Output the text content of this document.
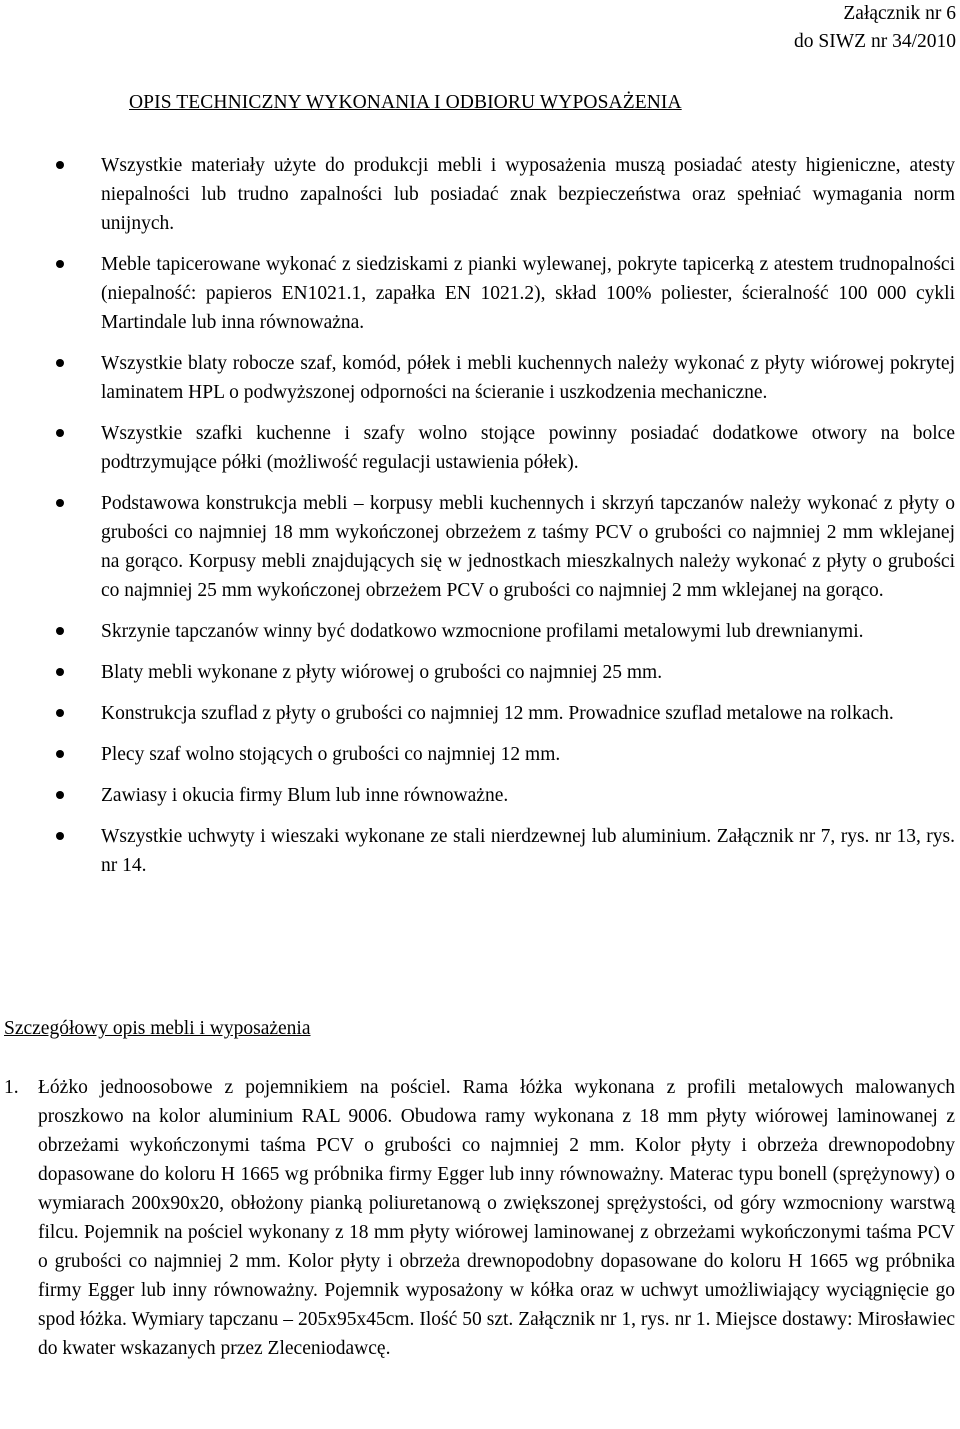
Załącznik nr 6
do SIWZ nr 34/2010
OPIS TECHNICZNY WYKONANIA I ODBIORU WYPOSAŻENIA
Wszystkie materiały użyte do produkcji mebli i wyposażenia muszą posiadać atesty higieniczne, atesty niepalności lub trudno zapalności lub posiadać znak bezpieczeństwa oraz spełniać wymagania norm unijnych.
Meble tapicerowane wykonać z siedziskami z pianki wylewanej, pokryte tapicerką z atestem trudnopalności (niepalność: papieros EN1021.1, zapałka EN 1021.2), skład 100% poliester, ścieralność 100 000 cykli Martindale lub inna równoważna.
Wszystkie blaty robocze szaf, komód, półek i mebli kuchennych należy wykonać z płyty wiórowej pokrytej laminatem HPL o podwyższonej odporności na ścieranie i uszkodzenia mechaniczne.
Wszystkie szafki kuchenne i szafy wolno stojące powinny posiadać dodatkowe otwory na bolce podtrzymujące półki (możliwość regulacji ustawienia półek).
Podstawowa konstrukcja mebli – korpusy mebli kuchennych i skrzyń tapczanów należy wykonać z płyty o grubości co najmniej 18 mm wykończonej obrzeżem z taśmy PCV o grubości co najmniej 2 mm wklejanej na gorąco. Korpusy mebli znajdujących się w jednostkach mieszkalnych należy wykonać z płyty o grubości co najmniej 25 mm wykończonej obrzeżem PCV o grubości co najmniej 2 mm wklejanej na gorąco.
Skrzynie tapczanów winny być dodatkowo wzmocnione profilami metalowymi lub drewnianymi.
Blaty mebli wykonane z płyty wiórowej o grubości co najmniej 25 mm.
Konstrukcja szuflad z płyty o grubości co najmniej 12 mm. Prowadnice szuflad metalowe na rolkach.
Plecy szaf wolno stojących o grubości co najmniej 12 mm.
Zawiasy i okucia firmy Blum lub inne równoważne.
Wszystkie uchwyty i wieszaki wykonane ze stali nierdzewnej lub aluminium. Załącznik nr 7, rys. nr 13, rys. nr 14.
Szczegółowy opis mebli i wyposażenia
1. Łóżko jednoosobowe z pojemnikiem na pościel. Rama łóżka wykonana z profili metalowych malowanych proszkowo na kolor aluminium RAL 9006. Obudowa ramy wykonana z 18 mm płyty wiórowej laminowanej z obrzeżami wykończonymi taśma PCV o grubości co najmniej 2 mm. Kolor płyty i obrzeża drewnopodobny dopasowane do koloru H 1665 wg próbnika firmy Egger lub inny równoważny. Materac typu bonell (sprężynowy) o wymiarach 200x90x20, obłożony pianką poliuretanową o zwiększonej sprężystości, od góry wzmocniony warstwą filcu. Pojemnik na pościel wykonany z 18 mm płyty wiórowej laminowanej z obrzeżami wykończonymi taśma PCV o grubości co najmniej 2 mm. Kolor płyty i obrzeża drewnopodobny dopasowane do koloru H 1665 wg próbnika firmy Egger lub inny równoważny. Pojemnik wyposażony w kółka oraz w uchwyt umożliwiający wyciągnięcie go spod łóżka. Wymiary tapczanu – 205x95x45cm. Ilość 50 szt. Załącznik nr 1, rys. nr 1. Miejsce dostawy: Mirosławiec do kwater wskazanych przez Zleceniodawcę.
